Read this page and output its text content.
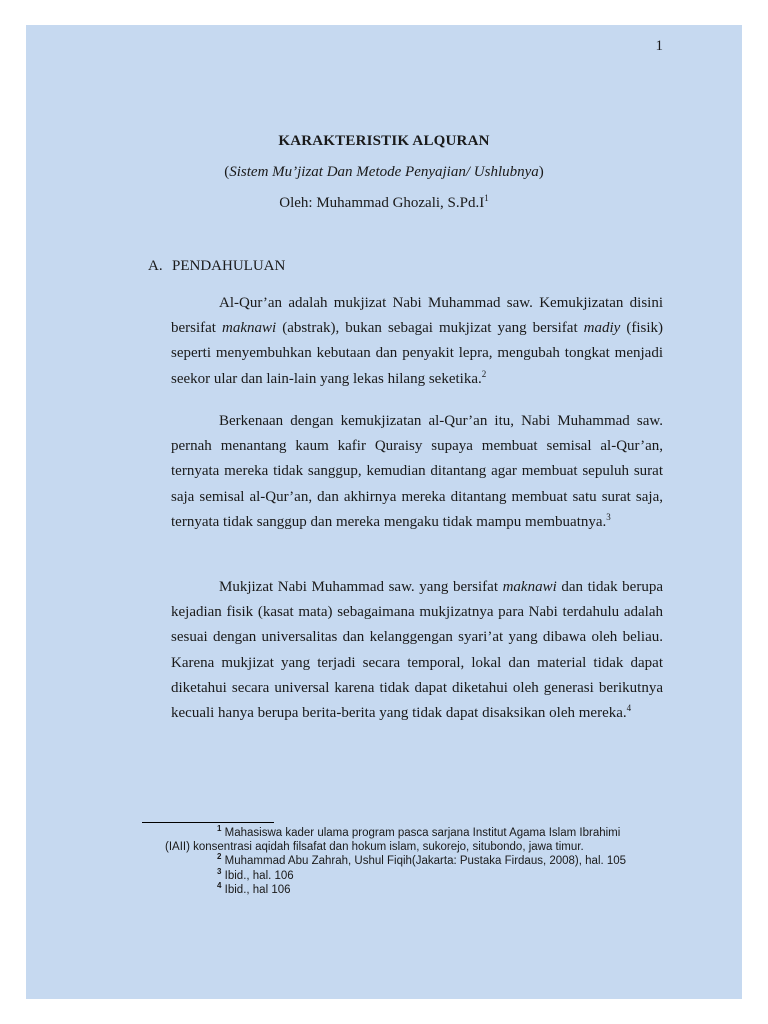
1
KARAKTERISTIK ALQURAN
(Sistem Mu’jizat Dan Metode Penyajian/ Ushlubnya)
Oleh: Muhammad Ghozali, $S.Pd.I^1$
A. PENDAHULUAN

Al-Qur’an adalah mukjizat Nabi Muhammad saw. Kemukjizatan disini bersifat maknawi (abstrak), bukan sebagai mukjizat yang bersifat madiy (fisik) seperti menyembuhkan kebutaan dan penyakit lepra, mengubah tongkat menjadi seekor ular dan lain-lain yang lekas hilang seketika.$^2$

Berkenaan dengan kemukjizatan al-Qur’an itu, Nabi Muhammad saw. pernah menantang kaum kafir Quraisy supaya membuat semisal al-Qur’an, ternyata mereka tidak sanggup, kemudian ditantang agar membuat sepuluh surat saja semisal al-Qur’an, dan akhirnya mereka ditantang membuat satu surat saja, ternyata tidak sanggup dan mereka mengaku tidak mampu membuatnya.$^3$

Mukjizat Nabi Muhammad saw. yang bersifat maknawi dan tidak berupa kejadian fisik (kasat mata) sebagaimana mukjizatnya para Nabi terdahulu adalah sesuai dengan universalitas dan kelanggengan syari’at yang dibawa oleh beliau. Karena mukjizat yang terjadi secara temporal, lokal dan material tidak dapat diketahui secara universal karena tidak dapat diketahui oleh generasi berikutnya kecuali hanya berupa berita-berita yang tidak dapat disaksikan oleh mereka.$^4$

$^1$ Mahasiswa kader ulama program pasca sarjana Institut Agama Islam Ibrahimi (IAII) konsentrasi aqidah filsafat dan hokum islam, sukorejo, situbondo, jawa timur.

$^2$ Muhammad Abu Zahrah, Ushul Fiqih(Jakarta: Pustaka Firdaus, 2008), hal. 105

$^3$ Ibid., hal. 106

$^4$ Ibid., hal 106
